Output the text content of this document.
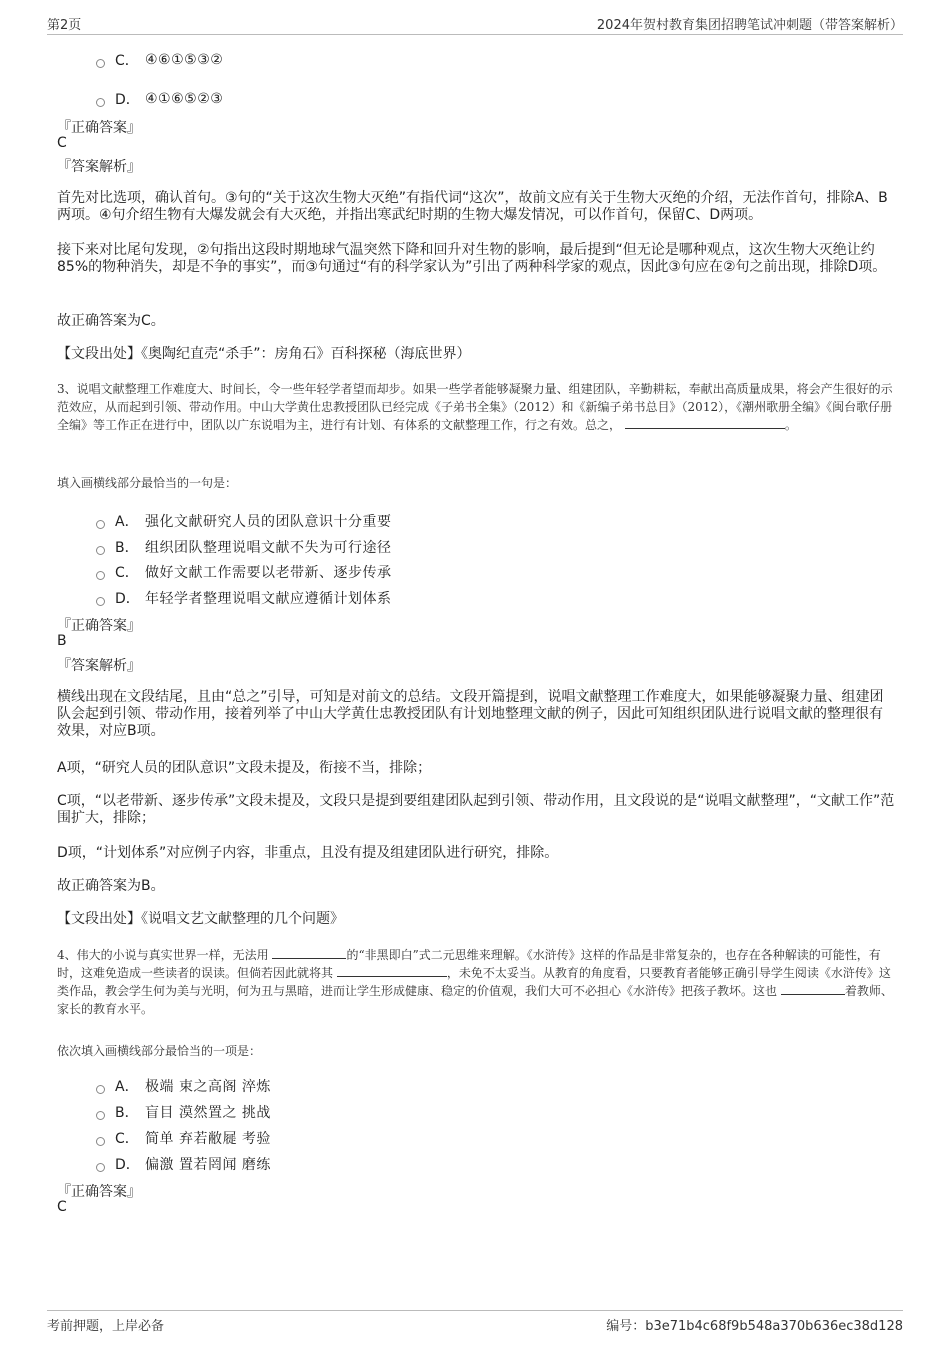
第2页	2024年贺村教育集团招聘笔试冲刺题（带答案解析）
C． ④⑥①⑤③②
D． ④①⑥⑤②③
『正确答案』
C
『答案解析』
首先对比选项，确认首句。③句的“关于这次生物大灭绝”有指代词“这次”，故前文应有关于生物大灭绝的介绍，无法作首句，排除A、B两项。④句介绍生物有大爆发就会有大灭绝，并指出寒武纪时期的生物大爆发情况，可以作首句，保留C、D两项。
接下来对比尾句发现，②句指出这段时期地球气温突然下降和回升对生物的影响，最后提到“但无论是哪种观点，这次生物大灭绝让约85%的物种消失，却是不争的事实”，而③句通过“有的科学家认为”引出了两种科学家的观点，因此③句应在②句之前出现，排除D项。
故正确答案为C。
【文段出处】《奥陶纪直売“杀手”：房角石》百科探秘（海底世界）
3、说唱文献整理工作难度大、时间长，令一些年轻学者望而却步。如果一些学者能够凝聚力量、组建团队，辛勤耕耘，奉献出高质量成果，将会产生很好的示范效应，从而起到引领、带动作用。中山大学黄仕忠教授团队已经完成《子弟书全集》（2012）和《新编子弟书总目》（2012），《潮州歌册全编》《闽台歌仔册全编》等工作正在进行中，团队以广东说唱为主，进行有计划、有体系的文献整理工作，行之有效。总之，	。
填入画横线部分最恰当的一句是：
A． 强化文献研究人员的团队意识十分重要
B． 组织团队整理说唱文献不失为可行途径
C． 做好文献工作需要以老带新、逐步传承
D． 年轻学者整理说唱文献应遵循计划体系
『正确答案』
B
『答案解析』
横线出现在文段结尾，且由“总之”引导，可知是对前文的总结。文段开篇提到，说唱文献整理工作难度大，如果能够凝聚力量、组建团队会起到引领、带动作用，接着列举了中山大学黄仕忠教授团队有计划地整理文献的例子，因此可知组织团队进行说唱文献的整理很有效果，对应B项。
A项，“研究人员的团队意识”文段未提及，衔接不当，排除；
C项，“以老带新、逐步传承”文段未提及，文段只是提到要组建团队起到引领、带动作用，且文段说的是“说唱文献整理”，“文献工作”范围扩大，排除；
D项，“计划体系”对应例子内容，非重点，且没有提及组建团队进行研究，排除。
故正确答案为B。
【文段出处】《说唱文艺文献整理的几个问题》
4、伟大的小说与真实世界一样，无法用	的“非黑即白”式二元思维来理解。《水浒传》这样的作品是非常复杂的，也存在各种解读的可能性，有时，这难免造成一些读者的误读。但倘若因此就将其	，未免不太妥当。从教育的角度看，只要教育者能够正确引导学生阅读《水浒传》这类作品，教会学生何为美与光明，何为丑与黑暗，进而让学生形成健康、稳定的价值观，我们大可不必担心《水浒传》把孩子教坏。这也	着教师、家长的教育水平。
依次填入画横线部分最恰当的一项是：
A． 极端 束之高阁 淬炼
B． 盲目 漠然置之 挑战
C． 简单 弃若敝屣 考验
D． 偏激 置若罔闻 磨练
『正确答案』
C
考前押题，上岸必备	编号：b3e71b4c68f9b548a370b636ec38d128
